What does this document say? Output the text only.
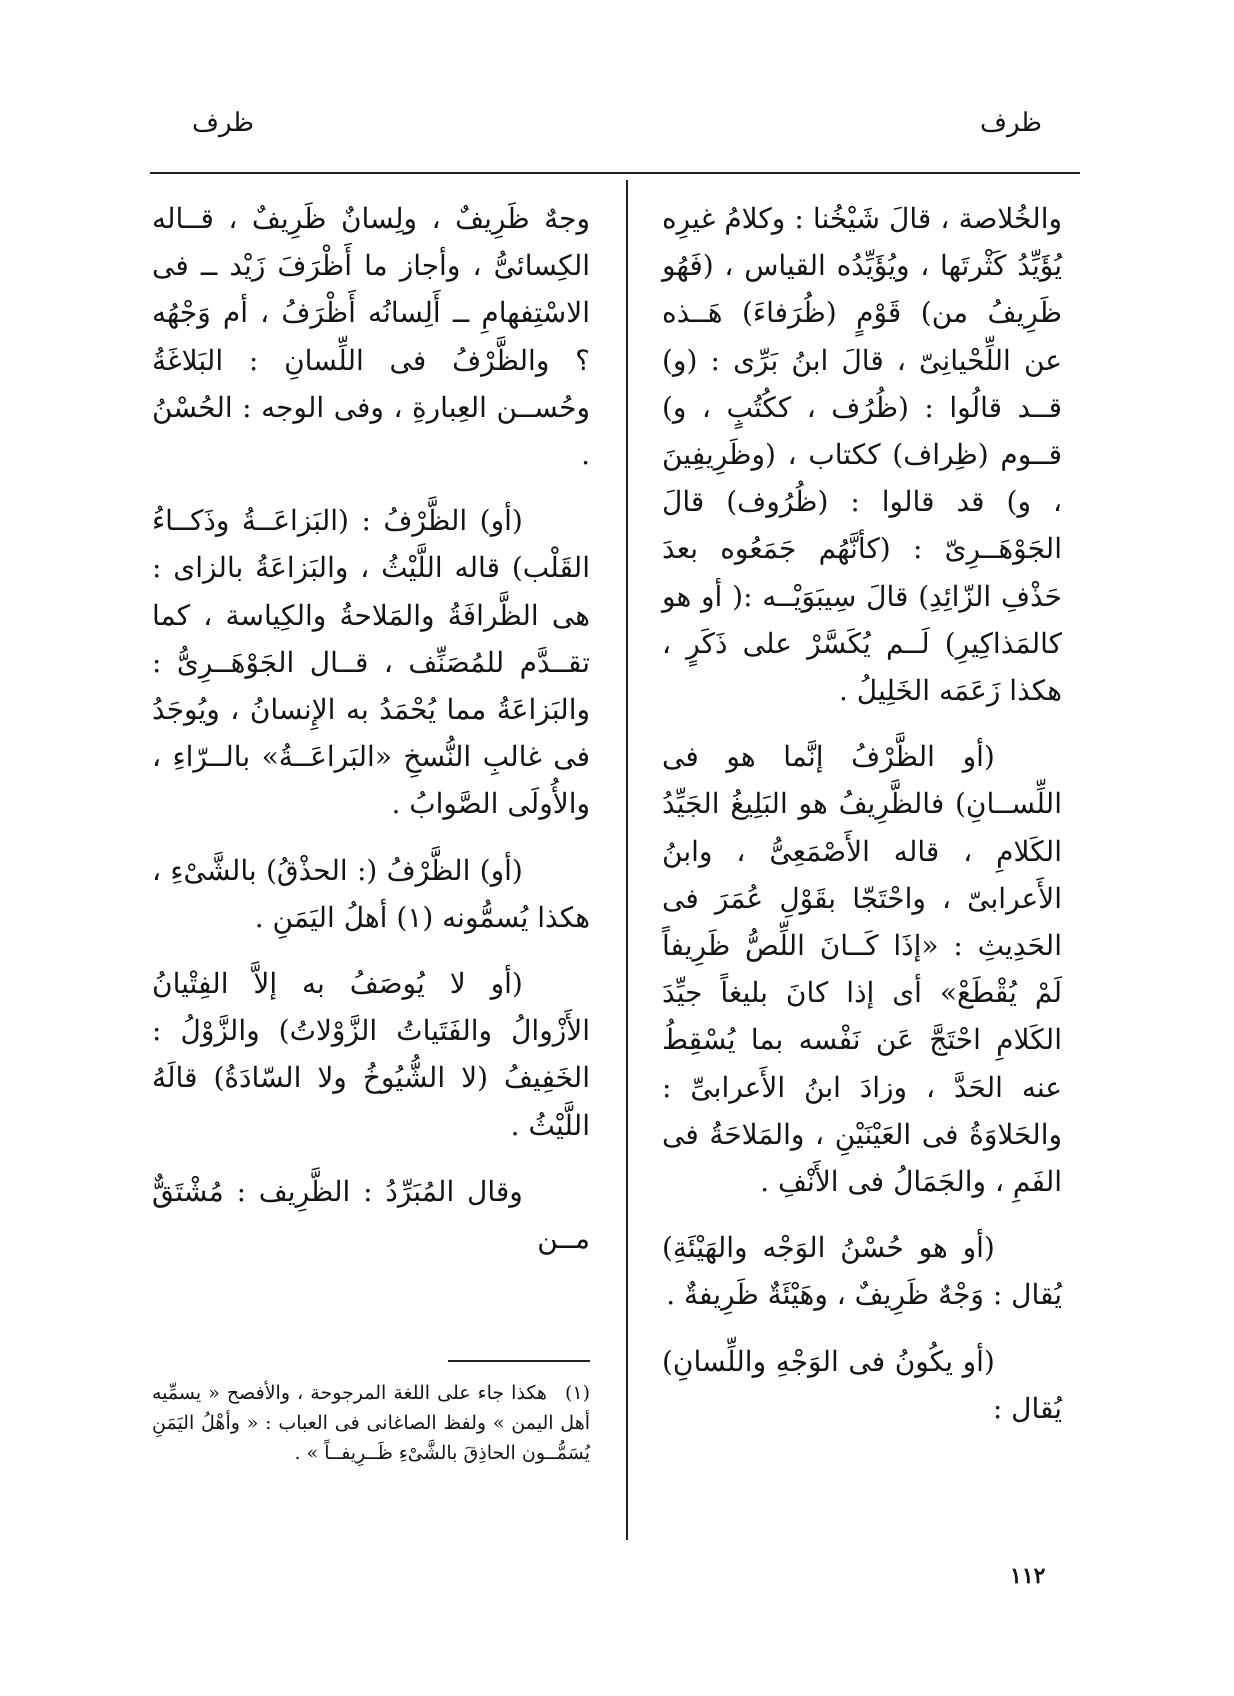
ظرف	ظرف

والخُلاصة ، قالَ شَيْخُنا : وكلامُ غيرِه يُؤَيِّدُ كَثْرتَها ، ويُؤَيِّدُه القياس ، (فَهُو ظَرِيفُ من) قَوْمٍ (ظُرَفاءَ) هَــذه عن اللِّحْيانِىّ ، قالَ ابنُ بَرِّى : (و) قــد قالُوا : (ظُرُف ، ككُتُبٍ ، و) قــوم (ظِراف) ككتاب ، (وظَرِيفِينَ ، و) قد قالوا : (ظُرُوف) قالَ الجَوْهَــرِىّ : (كأنَّهُم جَمَعُوه بعدَ حَذْفِ الزّائِدِ) قالَ سِيبَوَيْــه :( أو هو كالمَذاكِيرِ) لَــم يُكَسَّرْ على ذَكَرٍ ، هكذا زَعَمَه الخَلِيلُ .

(أو الظَّرْفُ إنَّما هو فى اللِّســانِ) فالظَّرِيفُ هو البَلِيغُ الجَيِّدُ الكَلامِ ، قاله الأَصْمَعِىُّ ، وابنُ الأَعرابىّ ، واحْتَجّا بقَوْلِ عُمَرَ فى الحَدِيثِ : «إذَا كَــانَ اللِّصُّ ظَرِيفاً لَمْ يُقْطَعْ» أى إذا كانَ بليغاً جيِّدَ الكَلامِ احْتَجَّ عَن نَفْسه بما يُسْقِطُ عنه الحَدَّ ، وزادَ ابنُ الأَعرابىِّ : والحَلاوَةُ فى العَيْنَيْنِ ، والمَلاحَةُ فى الفَمِ ، والجَمَالُ فى الأَنْفِ .

(أو هو حُسْنُ الوَجْه والهَيْئَةِ) يُقال : وَجْهٌ ظَرِيفٌ ، وهَيْئَةٌ ظَرِيفةٌ .

(أو يكُونُ فى الوَجْهِ واللِّسانِ) يُقال :

وجهٌ ظَرِيفٌ ، ولِسانٌ ظَرِيفٌ ، قــاله الكِسائىُّ ، وأجاز ما أَظْرَفَ زَيْد ــ فى الاسْتِفهامِ ــ أَلِسانُه أَظْرَفُ ، أم وَجْهُه ؟ والظَّرْفُ فى اللِّسانِ : البَلاغَةُ وحُســن العِبارةِ ، وفى الوجه : الحُسْنُ .

(أو) الظَّرْفُ : (البَزاعَــةُ وذَكــاءُ القَلْب) قاله اللَّيْثُ ، والبَزاعَةُ بالزاى : هى الظَّرافَةُ والمَلاحةُ والكِياسة ، كما تقــدَّم للمُصَنِّف ، قــال الجَوْهَــرِىُّ : والبَزاعَةُ مما يُحْمَدُ به الإِنسانُ ، ويُوجَدُ فى غالبِ النُّسخِ «البَراعَــةُ» بالــرّاءِ ، والأُولَى الصَّوابُ .

(أو) الظَّرْفُ (: الحذْقُ) بالشَّىْءِ ، هكذا يُسمُّونه (١) أهلُ اليَمَنِ .

(أو لا يُوصَفُ به إلاَّ الفِتْيانُ الأَزْوالُ والفَتَياتُ الزَّوْلاتُ) والزَّوْلُ : الخَفِيفُ (لا الشُّيُوخُ ولا السّادَةُ) قالَهُ اللَّيْثُ .

وقال المُبَرِّدُ : الظَّرِيف : مُشْتَقٌّ مــن

(١)هكذا جاء على اللغة المرجوحة ، والأفصح « يسمِّيه أهل اليمن » ولفظ الصاغانى فى العباب : « وأهْلُ اليَمَنِ يُسَمُّــون الحاذِقَ بالشَّىْءِ ظَــرِيفــاً » .
١١٢
